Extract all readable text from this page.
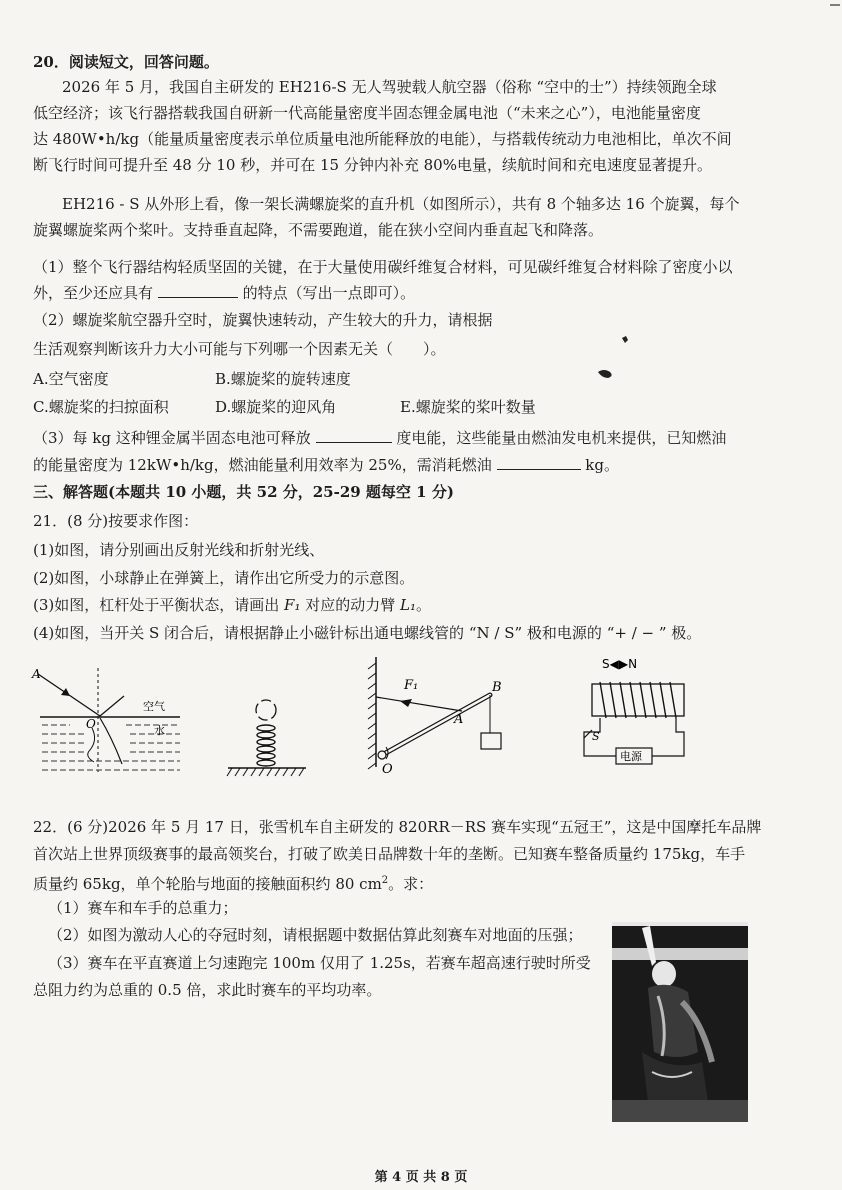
20．阅读短文，回答问题。
2026 年 5 月，我国自主研发的 EH216-S 无人驾驶载人航空器（俗称 “空中的士”）持续领跑全球
低空经济；该飞行器搭载我国自研新一代高能量密度半固态锂金属电池（“未来之心”），电池能量密度
达 480W•h/kg（能量质量密度表示单位质量电池所能释放的电能），与搭载传统动力电池相比，单次不间
断飞行时间可提升至 48 分 10 秒，并可在 15 分钟内补充 80%电量，续航时间和充电速度显著提升。
EH216 - S 从外形上看，像一架长满螺旋桨的直升机（如图所示），共有 8 个轴多达 16 个旋翼，每个
旋翼螺旋桨两个桨叶。支持垂直起降，不需要跑道，能在狭小空间内垂直起飞和降落。
（1）整个飞行器结构轻质坚固的关键，在于大量使用碳纤维复合材料，可见碳纤维复合材料除了密度小以
外，至少还应具有	的特点（写出一点即可）。
（2）螺旋桨航空器升空时，旋翼快速转动，产生较大的升力，请根据
生活观察判断该升力大小可能与下列哪一个因素无关（　　）。
A.空气密度	B.螺旋桨的旋转速度
C.螺旋桨的扫掠面积	D.螺旋桨的迎风角	E.螺旋桨的桨叶数量
（3）每 kg 这种锂金属半固态电池可释放	度电能，这些能量由燃油发电机来提供，已知燃油
的能量密度为 12kW•h/kg，燃油能量利用效率为 25%，需消耗燃油	kg。
三、解答题(本题共 10 小题，共 52 分，25-29 题每空 1 分)
21．(8 分)按要求作图：
(1)如图，请分别画出反射光线和折射光线、
(2)如图，小球静止在弹簧上，请作出它所受力的示意图。
(3)如图，杠杆处于平衡状态，请画出 F₁ 对应的动力臂 L₁。
(4)如图，当开关 S 闭合后，请根据静止小磁针标出通电螺线管的 “N / S” 极和电源的 “+ / − ” 极。
A
O
空气
水
F₁	B
A
O
S◀▶N
电源
S
22．(6 分)2026 年 5 月 17 日，张雪机车自主研发的 820RR－RS 赛车实现“五冠王”，这是中国摩托车品牌
首次站上世界顶级赛事的最高领奖台，打破了欧美日品牌数十年的垄断。已知赛车整备质量约 175kg，车手
质量约 65kg，单个轮胎与地面的接触面积约 80 $cm^2$。求：
（1）赛车和车手的总重力；
（2）如图为激动人心的夺冠时刻，请根据题中数据估算此刻赛车对地面的压强；
（3）赛车在平直赛道上匀速跑完 100m 仅用了 1.25s，若赛车超高速行驶时所受
总阻力约为总重的 0.5 倍，求此时赛车的平均功率。
第 4 页 共 8 页
